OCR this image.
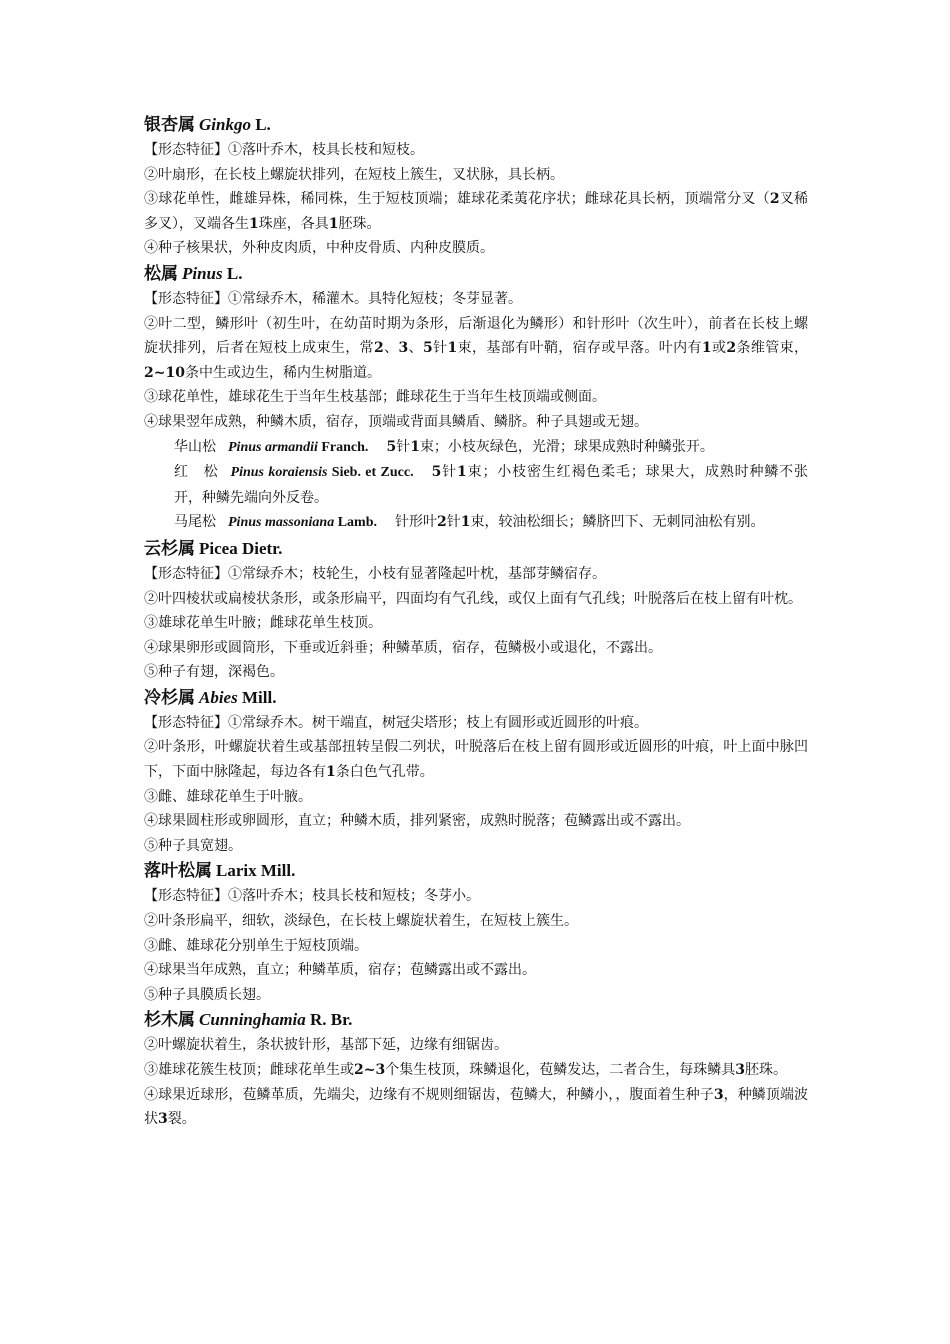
银杏属 Ginkgo L.

【形态特征】①落叶乔木，枝具长枝和短枝。

②叶扇形，在长枝上螺旋状排列，在短枝上簇生，叉状脉，具长柄。

③球花单性，雌雄异株，稀同株，生于短枝顶端；雄球花柔荑花序状；雌球花具长柄，顶端常分叉（2叉稀多叉），叉端各生1珠座，各具1胚珠。

④种子核果状，外种皮肉质，中种皮骨质、内种皮膜质。

松属 Pinus L.

【形态特征】①常绿乔木，稀灌木。具特化短枝；冬芽显著。

②叶二型，鳞形叶（初生叶，在幼苗时期为条形，后渐退化为鳞形）和针形叶（次生叶），前者在长枝上螺旋状排列，后者在短枝上成束生，常2、3、5针1束，基部有叶鞘，宿存或早落。叶内有1或2条维管束，2~10条中生或边生，稀内生树脂道。

③球花单性，雄球花生于当年生枝基部；雌球花生于当年生枝顶端或侧面。

④球果翌年成熟，种鳞木质，宿存，顶端或背面具鳞盾、鳞脐。种子具翅或无翅。

华山松 Pinus armandii Franch. 5针1束；小枝灰绿色，光滑；球果成熟时种鳞张开。

红　松 Pinus koraiensis Sieb. et Zucc. 5针1束；小枝密生红褐色柔毛；球果大，成熟时种鳞不张开，种鳞先端向外反卷。

马尾松 Pinus massoniana Lamb. 针形叶2针1束，较油松细长；鳞脐凹下、无刺同油松有别。

云杉属 Picea Dietr.

【形态特征】①常绿乔木；枝轮生，小枝有显著隆起叶枕，基部芽鳞宿存。

②叶四棱状或扁棱状条形，或条形扁平，四面均有气孔线，或仅上面有气孔线；叶脱落后在枝上留有叶枕。

③雄球花单生叶腋；雌球花单生枝顶。

④球果卵形或圆筒形，下垂或近斜垂；种鳞革质，宿存，苞鳞极小或退化，不露出。

⑤种子有翅，深褐色。

冷杉属 Abies Mill.

【形态特征】①常绿乔木。树干端直，树冠尖塔形；枝上有圆形或近圆形的叶痕。

②叶条形，叶螺旋状着生或基部扭转呈假二列状，叶脱落后在枝上留有圆形或近圆形的叶痕，叶上面中脉凹下，下面中脉隆起，每边各有1条白色气孔带。

③雌、雄球花单生于叶腋。

④球果圆柱形或卵圆形，直立；种鳞木质，排列紧密，成熟时脱落；苞鳞露出或不露出。

⑤种子具宽翅。

落叶松属 Larix Mill.

【形态特征】①落叶乔木；枝具长枝和短枝；冬芽小。

②叶条形扁平，细软，淡绿色，在长枝上螺旋状着生，在短枝上簇生。

③雌、雄球花分别单生于短枝顶端。

④球果当年成熟，直立；种鳞革质，宿存；苞鳞露出或不露出。

⑤种子具膜质长翅。

杉木属 Cunninghamia R. Br.

②叶螺旋状着生，条状披针形，基部下延，边缘有细锯齿。

③雄球花簇生枝顶；雌球花单生或2~3个集生枝顶，珠鳞退化，苞鳞发达，二者合生，每珠鳞具3胚珠。

④球果近球形，苞鳞革质，先端尖，边缘有不规则细锯齿，苞鳞大，种鳞小，，腹面着生种子3，种鳞顶端波状3裂。
